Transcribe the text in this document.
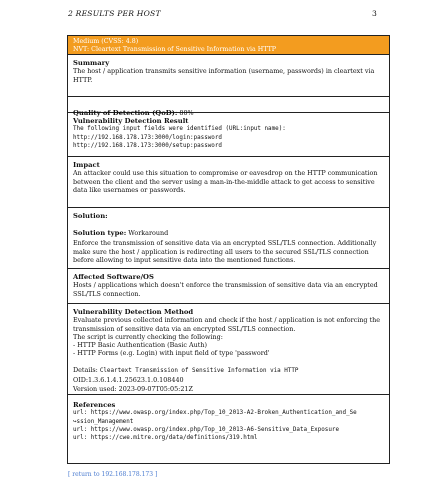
2 RESULTS PER HOST	3
Medium (CVSS: 4.8)
NVT: Cleartext Transmission of Sensitive Information via HTTP
Summary
The host / application transmits sensitive information (username, passwords) in cleartext via HTTP.
Quality of Detection (QoD): 80%
Vulnerability Detection Result
The following input fields were identified (URL:input name):
http://192.168.178.173:3000/login:password
http://192.168.178.173:3000/setup:password
Impact
An attacker could use this situation to compromise or eavesdrop on the HTTP communication between the client and the server using a man-in-the-middle attack to get access to sensitive data like usernames or passwords.
Solution:
Solution type: Workaround
Enforce the transmission of sensitive data via an encrypted SSL/TLS connection. Additionally make sure the host / application is redirecting all users to the secured SSL/TLS connection before allowing to input sensitive data into the mentioned functions.
Affected Software/OS
Hosts / applications which doesn't enforce the transmission of sensitive data via an encrypted SSL/TLS connection.
Vulnerability Detection Method
Evaluate previous collected information and check if the host / application is not enforcing the transmission of sensitive data via an encrypted SSL/TLS connection.
The script is currently checking the following:
- HTTP Basic Authentication (Basic Auth)
- HTTP Forms (e.g. Login) with input field of type 'password'
Details: Cleartext Transmission of Sensitive Information via HTTP
OID:1.3.6.1.4.1.25623.1.0.108440
Version used: 2023-09-07T05:05:21Z
References
url: https://www.owasp.org/index.php/Top_10_2013-A2-Broken_Authentication_and_Se
↪ssion_Management
url: https://www.owasp.org/index.php/Top_10_2013-A6-Sensitive_Data_Exposure
url: https://cwe.mitre.org/data/definitions/319.html
[ return to 192.168.178.173 ]
